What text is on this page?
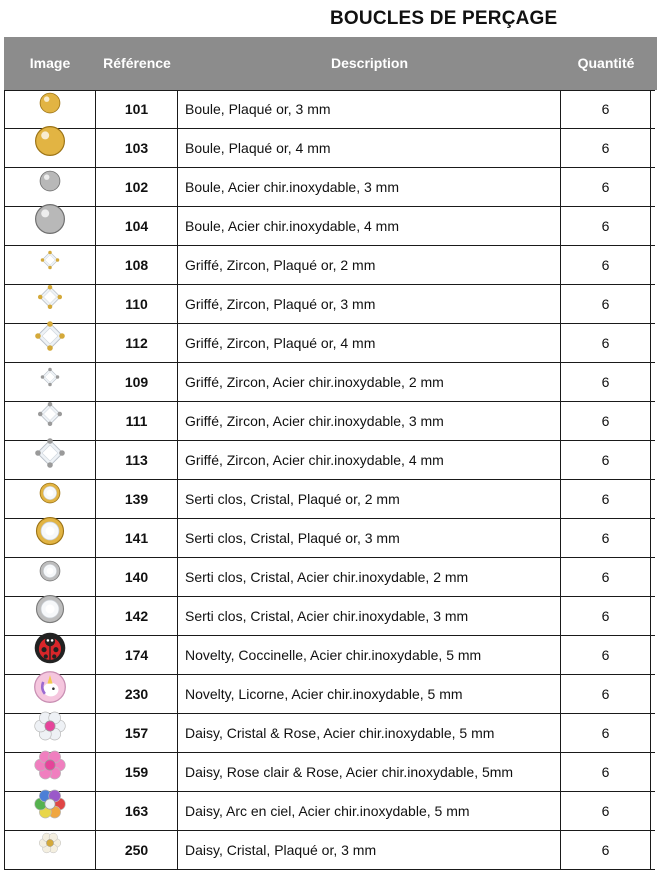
BOUCLES DE PERÇAGE
Image	Référence	Description	Quantité
101	Boule, Plaqué or, 3 mm	6
103	Boule, Plaqué or, 4 mm	6
102	Boule, Acier chir.inoxydable, 3 mm	6
104	Boule, Acier chir.inoxydable, 4 mm	6
108	Griffé, Zircon, Plaqué or, 2 mm	6
110	Griffé, Zircon, Plaqué or, 3 mm	6
112	Griffé, Zircon, Plaqué or, 4 mm	6
109	Griffé, Zircon, Acier chir.inoxydable, 2 mm	6
111	Griffé, Zircon, Acier chir.inoxydable, 3 mm	6
113	Griffé, Zircon, Acier chir.inoxydable, 4 mm	6
139	Serti clos, Cristal, Plaqué or, 2 mm	6
141	Serti clos, Cristal, Plaqué or, 3 mm	6
140	Serti clos, Cristal, Acier chir.inoxydable, 2 mm	6
142	Serti clos, Cristal, Acier chir.inoxydable, 3 mm	6
174	Novelty, Coccinelle, Acier chir.inoxydable, 5 mm	6
230	Novelty, Licorne, Acier chir.inoxydable, 5 mm	6
157	Daisy, Cristal & Rose, Acier chir.inoxydable, 5 mm	6
159	Daisy, Rose clair & Rose, Acier chir.inoxydable, 5mm	6
163	Daisy, Arc en ciel, Acier chir.inoxydable, 5 mm	6
250	Daisy, Cristal, Plaqué or, 3 mm	6
